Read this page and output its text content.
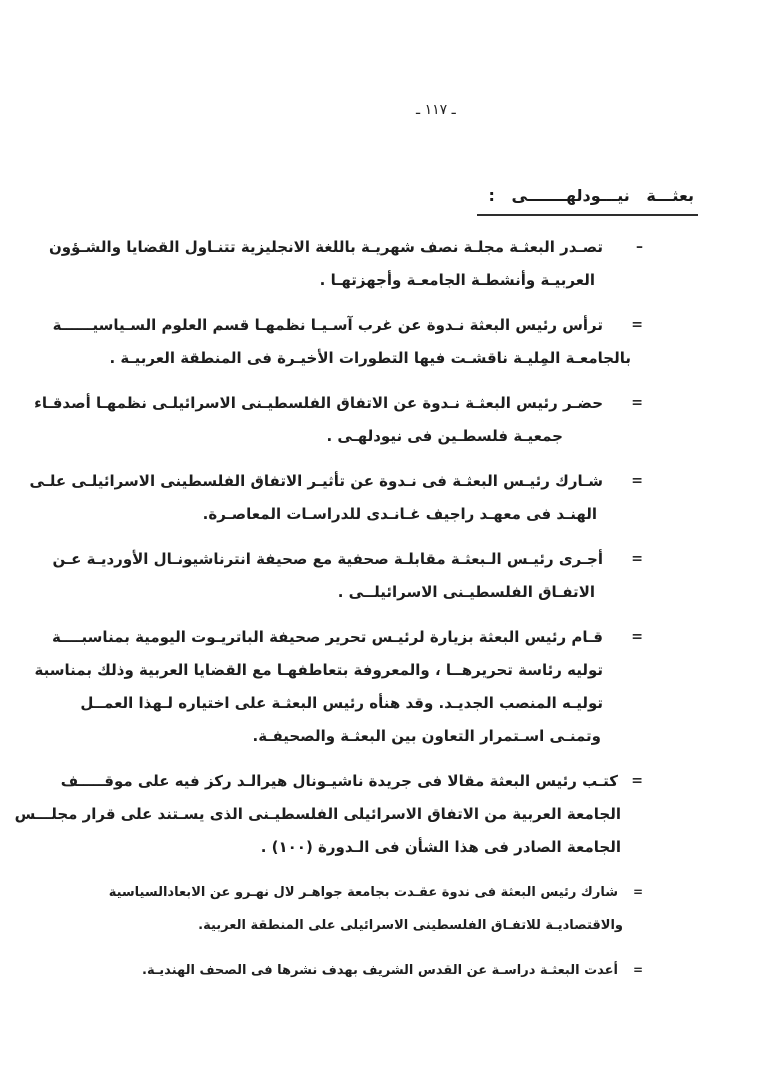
ـ ١١٧ ـ
بعثـــة نيـــودلهـــــــى :
–
تصـدر البعثـة مجلـة نصف شهريـة باللغة الانجليزية تتنـاول القضايا والشـؤون
العربيـة وأنشطـة الجامعـة وأجهزتهـا .
=
ترأس رئيس البعثة نـدوة عن غرب آسـيـا نظمهـا قسم العلوم السـياسيــــــة
بالجامعـة المِليـة ناقشـت فيها التطورات الأخيـرة فى المنطقة العربيـة .
=
حضـر رئيس البعثـة نـدوة عن الاتفاق الفلسطيـنى الاسرائيلـى نظمهـا أصدقـاء
جمعيـة فلسطـين فى نيودلهـى .
=
شـارك رئيـس البعثـة فى نـدوة عن تأثيـر الاتفاق الفلسطينى الاسرائيلـى علـى
الهنـد فى معهـد راجيف غـانـدى للدراسـات المعاصـرة.
=
أجـرى رئيـس الـبعثـة مقابلـة صحفية مع صحيفة انترناشيونـال الأورديـة عـن
الاتفـاق الفلسطيـنى الاسرائيلــى .
=
قـام رئيس البعثة بزيارة لرئيـس تحرير صحيفة الباتريـوت اليومية بمناسبــــة
توليه رئاسة تحريرهــا ، والمعروفة بتعاطفهـا مع القضايا العربية وذلك بمناسبة
توليـه المنصب الجديـد. وقد هنأه رئيس البعثـة على اختياره لـهذا العمــل
وتمنـى اسـتمرار التعاون بين البعثـة والصحيفـة.
=
كتـب رئيس البعثة مقالا فى جريدة ناشيـونال هيرالـد ركز فيه على موقـــــف
الجامعة العربية من الاتفاق الاسرائيلى الفلسطيـنى الذى يسـتند على قرار مجلـــس
الجامعة الصادر فى هذا الشأن فى الـدورة (١٠٠) .
=
شارك رئيس البعثة فى ندوة عقـدت بجامعة جواهـر لال نهـرو عن الابعادالسياسية
والاقتصاديـة للاتفـاق الفلسطينى الاسرائيلى على المنطقة العربية.
=
أعدت البعثـة دراسـة عن القدس الشريف بهدف نشرها فى الصحف الهنديـة.
